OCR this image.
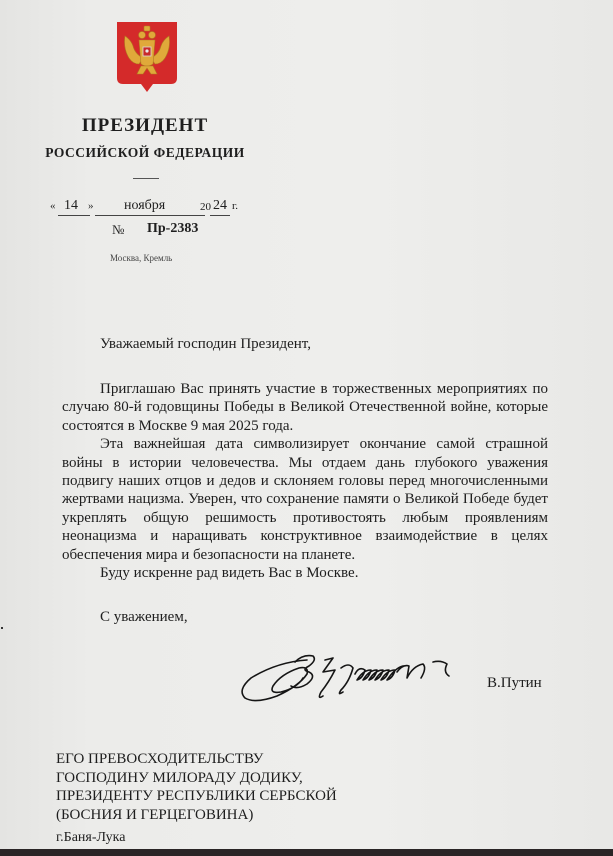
ПРЕЗИДЕНТ
РОССИЙСКОЙ ФЕДЕРАЦИИ
« 14 » ноября	20 24 г.
№ Пр-2383
Москва, Кремль
Уважаемый господин Президент,

Приглашаю Вас принять участие в торжественных мероприятиях по случаю 80-й годовщины Победы в Великой Отечественной войне, которые состоятся в Москве 9 мая 2025 года.

Эта важнейшая дата символизирует окончание самой страшной войны в истории человечества. Мы отдаем дань глубокого уважения подвигу наших отцов и дедов и склоняем головы перед многочисленными жертвами нацизма. Уверен, что сохранение памяти о Великой Победе будет укреплять общую решимость противостоять любым проявлениям неонацизма и наращивать конструктивное взаимодействие в целях обеспечения мира и безопасности на планете.

Буду искренне рад видеть Вас в Москве.

С уважением,
В.Путин
ЕГО ПРЕВОСХОДИТЕЛЬСТВУ
ГОСПОДИНУ МИЛОРАДУ ДОДИКУ,
ПРЕЗИДЕНТУ РЕСПУБЛИКИ СЕРБСКОЙ
(БОСНИЯ И ГЕРЦЕГОВИНА)
г.Баня-Лука
